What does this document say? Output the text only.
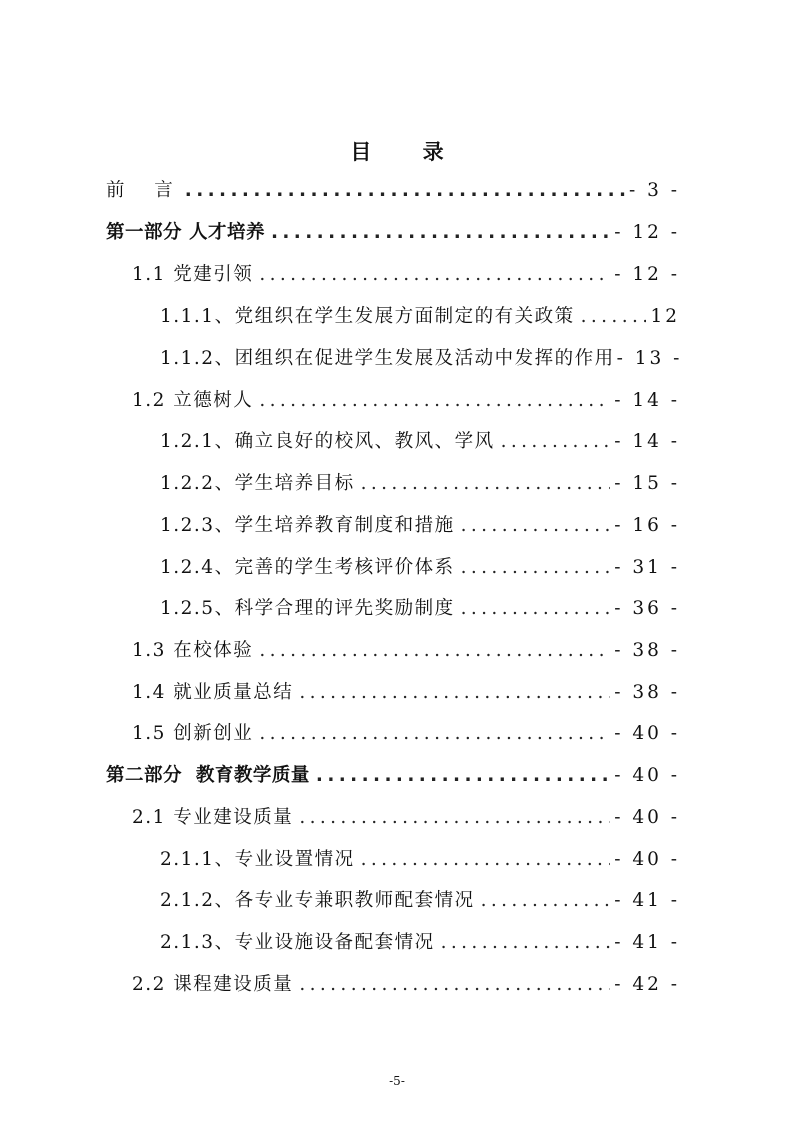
目 录
前  言 .....	- 3 -
第一部分 人才培养 .....	- 12 -
1.1 党建引领 .....	- 12 -
1.1.1、党组织在学生发展方面制定的有关政策 .....	12
1.1.2、团组织在促进学生发展及活动中发挥的作用 - 13 -
1.2 立德树人 .....	- 14 -
1.2.1、确立良好的校风、教风、学风 .....	- 14 -
1.2.2、学生培养目标 .....	- 15 -
1.2.3、学生培养教育制度和措施 .....	- 16 -
1.2.4、完善的学生考核评价体系 .....	- 31 -
1.2.5、科学合理的评先奖励制度 .....	- 36 -
1.3 在校体验 .....	- 38 -
1.4 就业质量总结 .....	- 38 -
1.5 创新创业 .....	- 40 -
第二部分  教育教学质量 .....	- 40 -
2.1 专业建设质量 .....	- 40 -
2.1.1、专业设置情况 .....	- 40 -
2.1.2、各专业专兼职教师配套情况 .....	- 41 -
2.1.3、专业设施设备配套情况 .....	- 41 -
2.2 课程建设质量 .....	- 42 -
-5-
